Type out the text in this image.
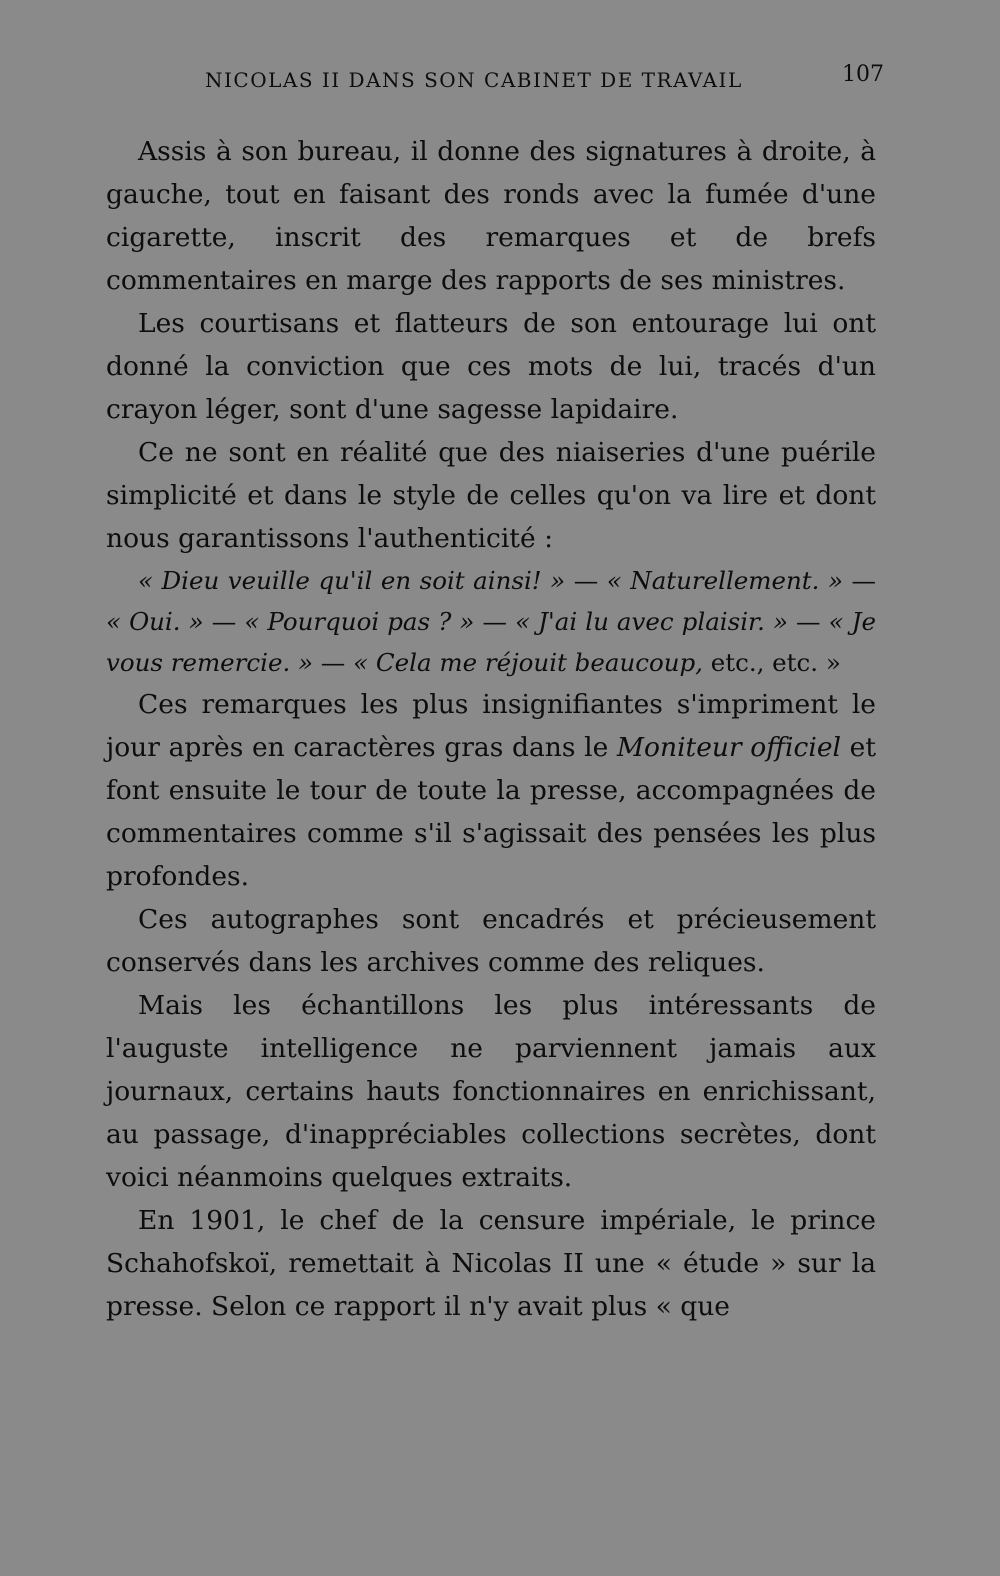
NICOLAS II DANS SON CABINET DE TRAVAIL	107

Assis à son bureau, il donne des signatures à droite, à gauche, tout en faisant des ronds avec la fumée d'une cigarette, inscrit des remarques et de brefs commentaires en marge des rapports de ses ministres.

Les courtisans et flatteurs de son entourage lui ont donné la conviction que ces mots de lui, tracés d'un crayon léger, sont d'une sagesse lapidaire.

Ce ne sont en réalité que des niaiseries d'une puérile simplicité et dans le style de celles qu'on va lire et dont nous garantissons l'authenticité :

« Dieu veuille qu'il en soit ainsi! » — « Naturellement. » — « Oui. » — « Pourquoi pas ? » — « J'ai lu avec plaisir. » — « Je vous remercie. » — « Cela me réjouit beaucoup, etc., etc. »

Ces remarques les plus insignifiantes s'impriment le jour après en caractères gras dans le Moniteur officiel et font ensuite le tour de toute la presse, accompagnées de commentaires comme s'il s'agissait des pensées les plus profondes.

Ces autographes sont encadrés et précieusement conservés dans les archives comme des reliques.

Mais les échantillons les plus intéressants de l'auguste intelligence ne parviennent jamais aux journaux, certains hauts fonctionnaires en enrichissant, au passage, d'inappréciables collections secrètes, dont voici néanmoins quelques extraits.

En 1901, le chef de la censure impériale, le prince Schahofskoï, remettait à Nicolas II une « étude » sur la presse. Selon ce rapport il n'y avait plus « que
